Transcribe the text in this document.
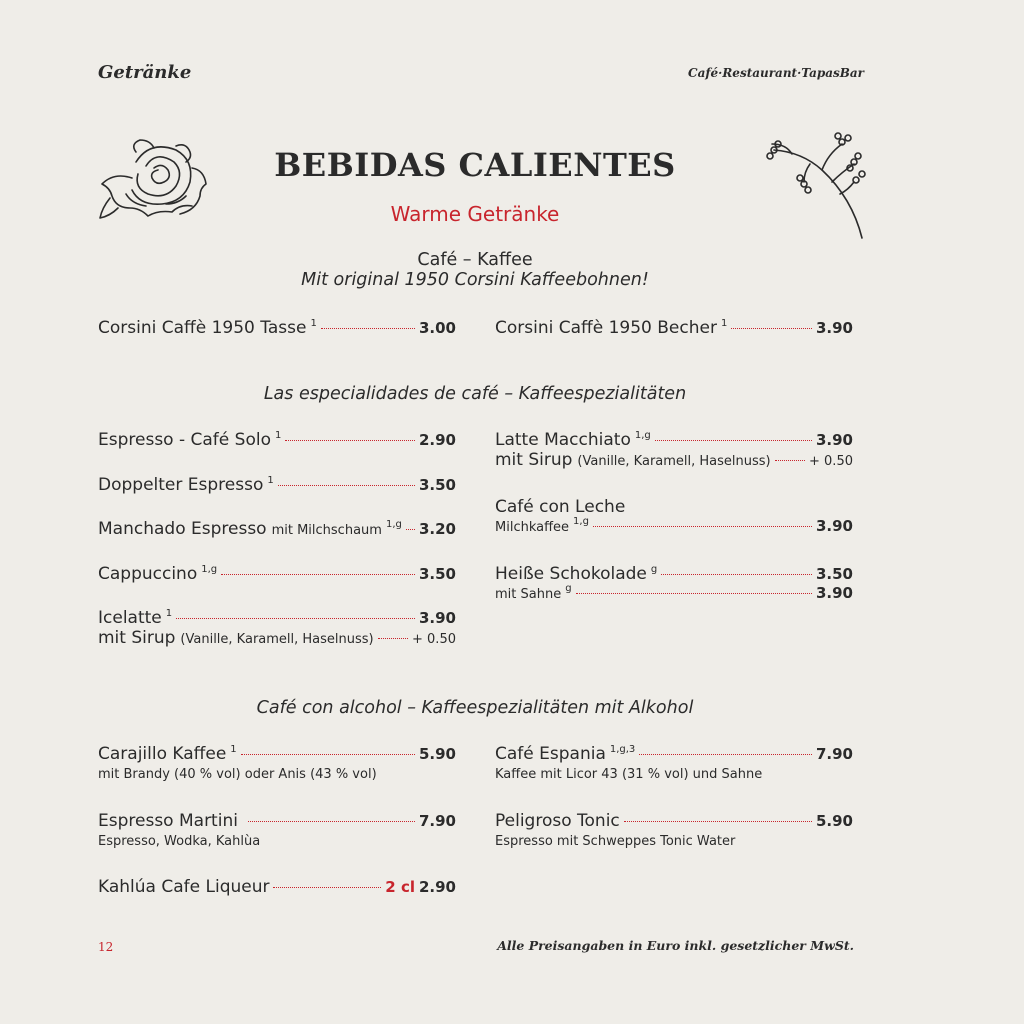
Getränke	Café·Restaurant·TapasBar
BEBIDAS CALIENTES
Warme Getränke
Café – Kaffee
Mit original 1950 Corsini Kaffeebohnen!
Corsini Caffè 1950 Tasse 1	3.00 Corsini Caffè 1950 Becher 1	3.90
Las especialidades de café – Kaffeespezialitäten
Espresso - Café Solo 1	2.90
Doppelter Espresso 1	3.50
Manchado Espresso mit Milchschaum 1,g 3.20
Cappuccino 1,g	3.50
Icelatte 1	3.90
mit Sirup (Vanille, Karamell, Haselnuss)	+ 0.50
Latte Macchiato 1,g	3.90
mit Sirup (Vanille, Karamell, Haselnuss)	+ 0.50
Café con Leche
Milchkaffee 1,g	3.90
Heiße Schokolade g	3.50
mit Sahne g	3.90
Café con alcohol – Kaffeespezialitäten mit Alkohol
Carajillo Kaffee 1	5.90
mit Brandy (40 % vol) oder Anis (43 % vol)
Espresso Martini	7.90
Espresso, Wodka, Kahlùa
Kahlúa Cafe Liqueur	2 cl 2.90
Café Espania 1,g,3	7.90
Kaffee mit Licor 43 (31 % vol) und Sahne
Peligroso Tonic	5.90
Espresso mit Schweppes Tonic Water
12	Alle Preisangaben in Euro inkl. gesetzlicher MwSt.
